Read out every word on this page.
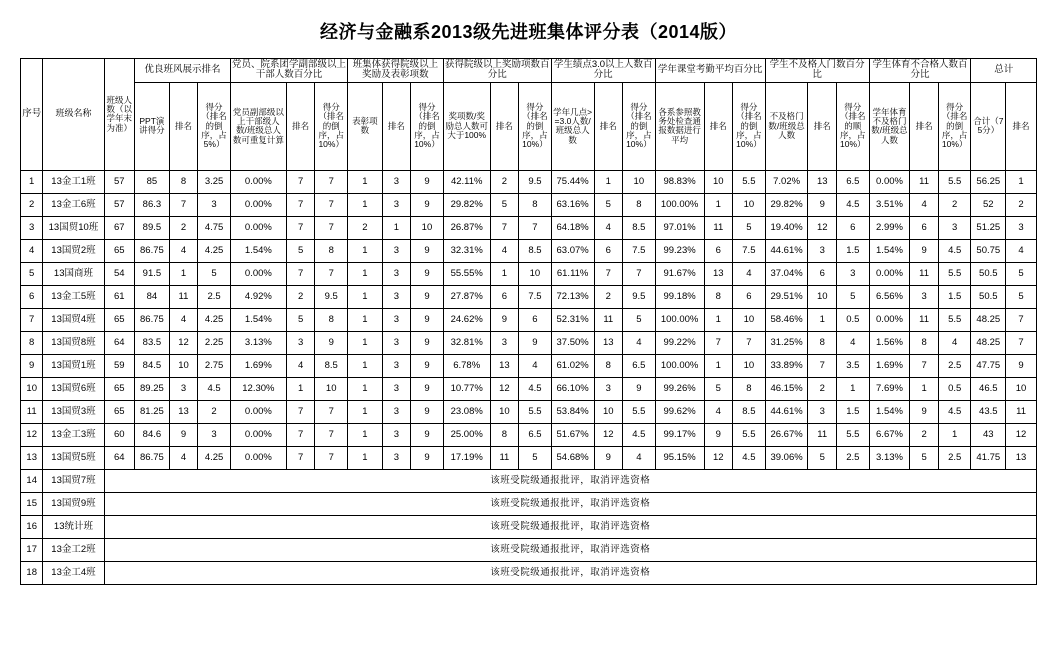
经济与金融系2013级先进班集体评分表（2014版）
序号	班级名称	班级人数（以学年末为准）	优良班风展示排名			党员、院系团学副部级以上干部人数百分比			班集体获得院级以上奖励及表彰项数			获得院级以上奖励项数百分比			学生绩点3.0以上人数百分比			学年课堂考勤平均百分比			学生不及格人门数百分比			学生体育不合格人数百分比			总计	
			PPT演讲得分	排名	得分（排名的倒序，占5%）	党员副部级以上干部级人数/班级总人数可重复计算	排名	得分（排名的倒序，占10%）	表彰项数	排名	得分（排名的倒序，占10%）	奖项数/奖励总人数可大于100%	排名	得分（排名的倒序，占10%）	学年几点>=3.0人数/班级总人数	排名	得分（排名的倒序，占10%）	各系参照教务处检查通报数据进行平均	排名	得分（排名的倒序，占10%）	不及格门数/班级总人数	排名	得分（排名的顺序，占10%）	学年体育不及格门数/班级总人数	排名	得分（排名的倒序，占10%）	合计（75分）	排名
1	13金工1班	57	85	8	3.25	0.00%	7	7	1	3	9	42.11%	2	9.5	75.44%	1	10	98.83%	10	5.5	7.02%	13	6.5	0.00%	11	5.5	56.25	1
2	13金工6班	57	86.3	7	3	0.00%	7	7	1	3	9	29.82%	5	8	63.16%	5	8	100.00%	1	10	29.82%	9	4.5	3.51%	4	2	52	2
3	13国贸10班	67	89.5	2	4.75	0.00%	7	7	2	1	10	26.87%	7	7	64.18%	4	8.5	97.01%	11	5	19.40%	12	6	2.99%	6	3	51.25	3
4	13国贸2班	65	86.75	4	4.25	1.54%	5	8	1	3	9	32.31%	4	8.5	63.07%	6	7.5	99.23%	6	7.5	44.61%	3	1.5	1.54%	9	4.5	50.75	4
5	13国商班	54	91.5	1	5	0.00%	7	7	1	3	9	55.55%	1	10	61.11%	7	7	91.67%	13	4	37.04%	6	3	0.00%	11	5.5	50.5	5
6	13金工5班	61	84	11	2.5	4.92%	2	9.5	1	3	9	27.87%	6	7.5	72.13%	2	9.5	99.18%	8	6	29.51%	10	5	6.56%	3	1.5	50.5	5
7	13国贸4班	65	86.75	4	4.25	1.54%	5	8	1	3	9	24.62%	9	6	52.31%	11	5	100.00%	1	10	58.46%	1	0.5	0.00%	11	5.5	48.25	7
8	13国贸8班	64	83.5	12	2.25	3.13%	3	9	1	3	9	32.81%	3	9	37.50%	13	4	99.22%	7	7	31.25%	8	4	1.56%	8	4	48.25	7
9	13国贸1班	59	84.5	10	2.75	1.69%	4	8.5	1	3	9	6.78%	13	4	61.02%	8	6.5	100.00%	1	10	33.89%	7	3.5	1.69%	7	2.5	47.75	9
10	13国贸6班	65	89.25	3	4.5	12.30%	1	10	1	3	9	10.77%	12	4.5	66.10%	3	9	99.26%	5	8	46.15%	2	1	7.69%	1	0.5	46.5	10
11	13国贸3班	65	81.25	13	2	0.00%	7	7	1	3	9	23.08%	10	5.5	53.84%	10	5.5	99.62%	4	8.5	44.61%	3	1.5	1.54%	9	4.5	43.5	11
12	13金工3班	60	84.6	9	3	0.00%	7	7	1	3	9	25.00%	8	6.5	51.67%	12	4.5	99.17%	9	5.5	26.67%	11	5.5	6.67%	2	1	43	12
13	13国贸5班	64	86.75	4	4.25	0.00%	7	7	1	3	9	17.19%	11	5	54.68%	9	4	95.15%	12	4.5	39.06%	5	2.5	3.13%	5	2.5	41.75	13
14	13国贸7班	该班受院级通报批评，取消评选资格																										
15	13国贸9班	该班受院级通报批评，取消评选资格																										
16	13统计班	该班受院级通报批评，取消评选资格																										
17	13金工2班	该班受院级通报批评，取消评选资格																										
18	13金工4班	该班受院级通报批评，取消评选资格																										
